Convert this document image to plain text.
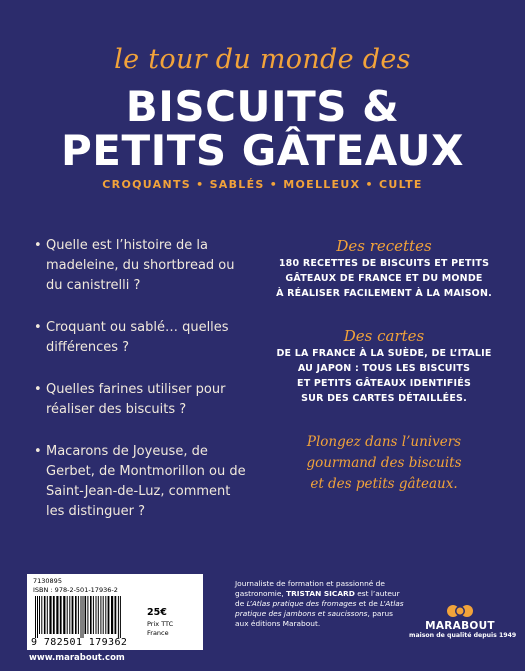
le tour du monde des
BISCUITS &
PETITS GÂTEAUX
CROQUANTS • SABLÉS • MOELLEUX • CULTE
• Quelle est l’histoire de la madeleine, du shortbread ou du canistrelli ?
• Croquant ou sablé… quelles différences ?
• Quelles farines utiliser pour réaliser des biscuits ?
• Macarons de Joyeuse, de Gerbet, de Montmorillon ou de Saint-Jean-de-Luz, comment les distinguer ?
Des recettes
180 RECETTES DE BISCUITS ET PETITS
GÂTEAUX DE FRANCE ET DU MONDE
À RÉALISER FACILEMENT À LA MAISON.
Des cartes
DE LA FRANCE À LA SUÈDE, DE L’ITALIE
AU JAPON : TOUS LES BISCUITS
ET PETITS GÂTEAUX IDENTIFIÉS
SUR DES CARTES DÉTAILLÉES.
Plongez dans l’univers
gourmand des biscuits
et des petits gâteaux.
7130895
ISBN : 978-2-501-17936-2
9 782501 179362
25€
Prix TTC
France
www.marabout.com
Journaliste de formation et passionné de gastronomie, TRISTAN SICARD est l’auteur de L’Atlas pratique des fromages et de L’Atlas pratique des jambons et saucissons, parus aux éditions Marabout.	MARABOUT
maison de qualité depuis 1949
